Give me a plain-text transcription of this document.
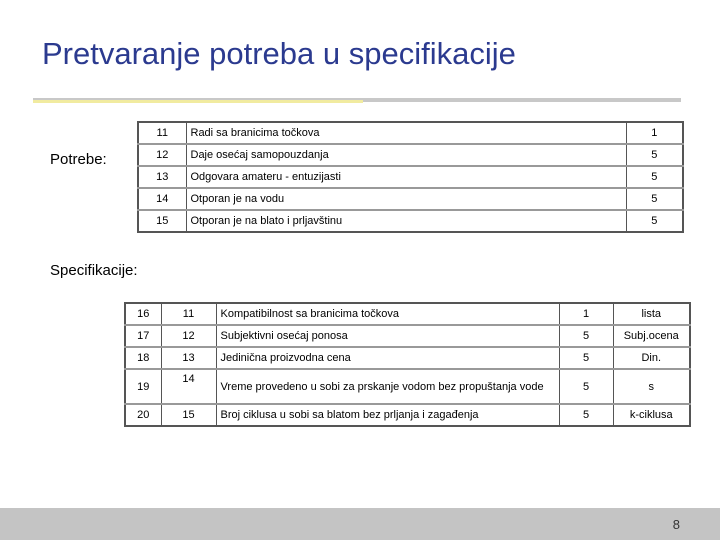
Pretvaranje potreba u specifikacije
Potrebe:
11	Radi sa branicima točkova	1
12	Daje osećaj samopouzdanja	5
13	Odgovara amateru - entuzijasti	5
14	Otporan je na vodu	5
15	Otporan je na blato i prljavštinu	5
Specifikacije:
16	11	Kompatibilnost sa branicima točkova	1	lista
17	12	Subjektivni osećaj ponosa	5	Subj.ocena
18	13	Jedinična proizvodna cena	5	Din.
19	14	Vreme provedeno u sobi za prskanje vodom bez propuštanja vode	5	s
20	15	Broj ciklusa u sobi sa blatom bez prljanja i zagađenja	5	k-ciklusa
8
